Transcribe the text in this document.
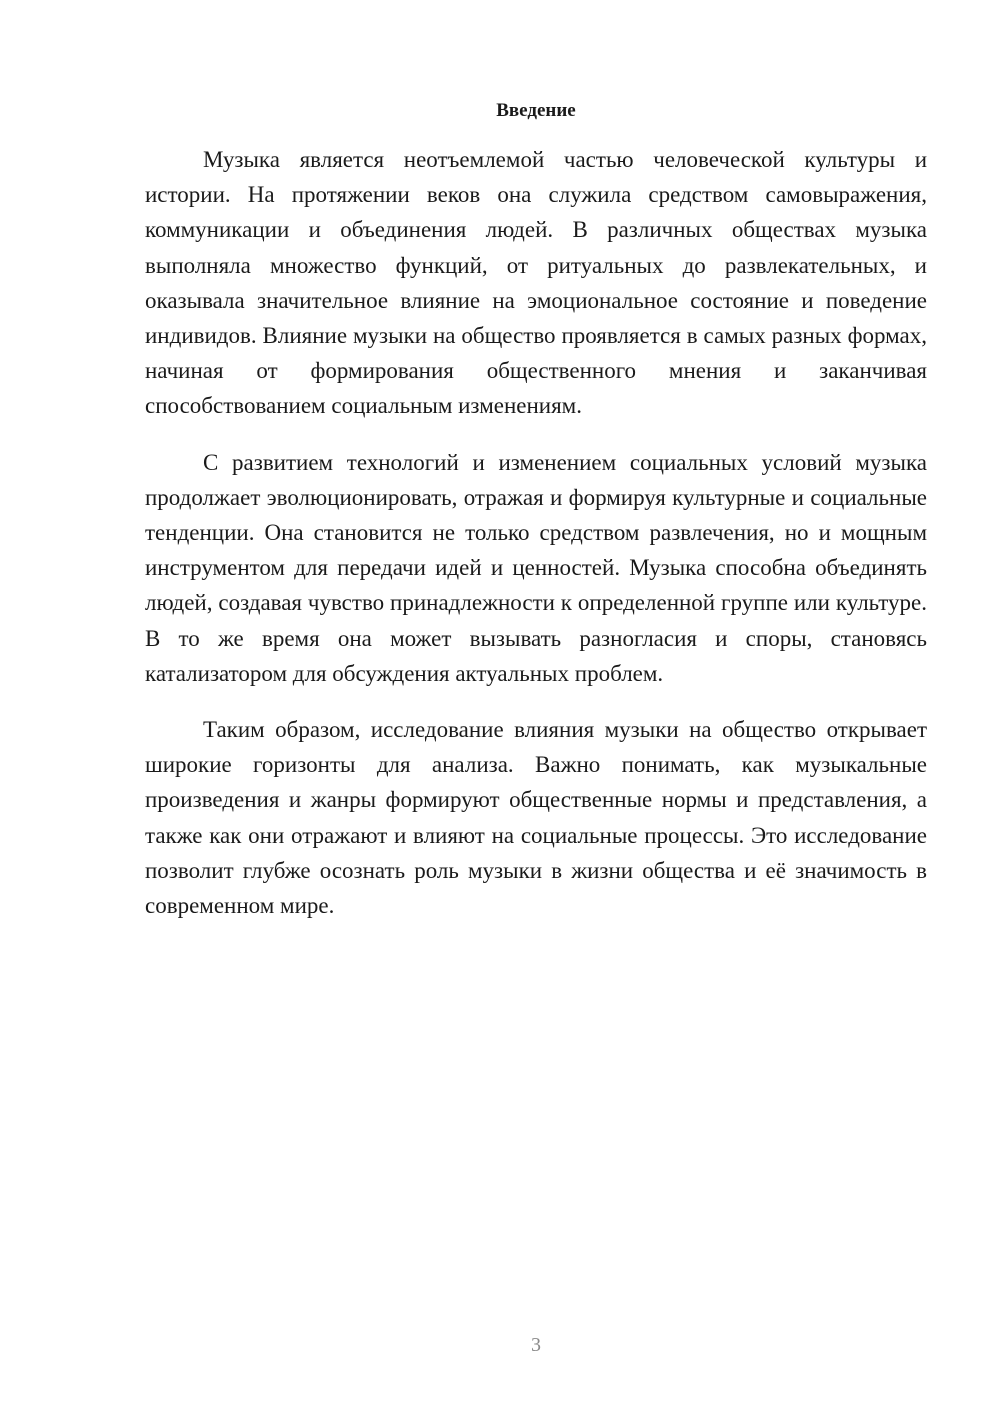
Введение

Музыка является неотъемлемой частью человеческой культуры и истории. На протяжении веков она служила средством самовыражения, коммуникации и объединения людей. В различных обществах музыка выполняла множество функций, от ритуальных до развлекательных, и оказывала значительное влияние на эмоциональное состояние и поведение индивидов. Влияние музыки на общество проявляется в самых разных формах, начиная от формирования общественного мнения и заканчивая способствованием социальным изменениям.

С развитием технологий и изменением социальных условий музыка продолжает эволюционировать, отражая и формируя культурные и социальные тенденции. Она становится не только средством развлечения, но и мощным инструментом для передачи идей и ценностей. Музыка способна объединять людей, создавая чувство принадлежности к определенной группе или культуре. В то же время она может вызывать разногласия и споры, становясь катализатором для обсуждения актуальных проблем.

Таким образом, исследование влияния музыки на общество открывает широкие горизонты для анализа. Важно понимать, как музыкальные произведения и жанры формируют общественные нормы и представления, а также как они отражают и влияют на социальные процессы. Это исследование позволит глубже осознать роль музыки в жизни общества и её значимость в современном мире.

3
